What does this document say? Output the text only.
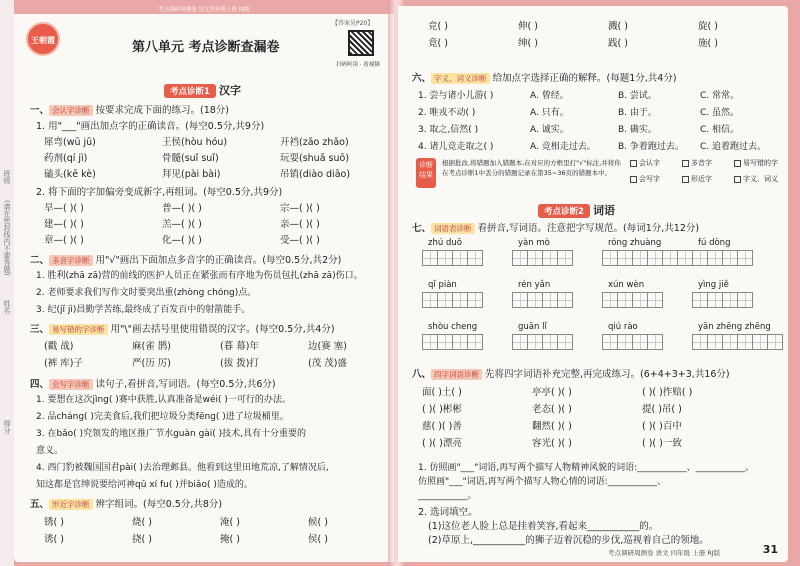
班级
(请在密封线内不要答题)
姓名
得分
考点调研周测卷 语文四年级上册 RJ版
王朝霞	第八单元 考点诊断查漏卷
【答案见P20】
扫码听读 · 看视频
考点诊断1 汉字
一、 会认字诊断 按要求完成下面的练习。(18分)
1. 用"___"画出加点字的正确读音。(每空0.5分,共9分)
犀弯(wū jū)	王侯(hòu hóu)	开裆(zǎo zhǎo)
药剂(qí jì)	骨髓(suǐ suǐ)	玩耍(shuǎ suō)
磕头(kē kè)	拜见(pài bài)	吊销(diào diāo)
2. 将下面的字加偏旁变成新字,再组词。(每空0.5分,共9分)
旱—( )( )	普—( )( )	宗—( )( )
建—( )( )	羔—( )( )	亲—( )( )
章—( )( )	化—( )( )	受—( )( )
二、 多音字诊断 用"√"画出下面加点多音字的正确读音。(每空0.5分,共2分)
1. 胜利(zhā zā)营的前线的医护人员正在紧张而有序地为伤员包扎(zhā zā)伤口。
2. 老师要求我们写作文时要突出重(zhòng chóng)点。
3. 纪(jǐ jì)昌勤学苦练,最终成了百发百中的射箭能手。
三、 易写错的字诊断 用"\"画去括号里使用错误的汉字。(每空0.5分,共4分)
(戳 战)	麻(雀 鹊)	(暮 幕)年	边(赛 塞)
(裤 库)子	严(历 厉)	(拔 拨)打	(茂 茂)盛
四、 会写字诊断 读句子,看拼音,写词语。(每空0.5分,共6分)
1. 要想在这次jìng( )赛中获胜,认真准备是wéi( )一可行的办法。
2. 品cháng( )完美食后,我们把垃圾分类fēng( )进了垃圾桶里。
3. 在bǎo( )究领发的地区推广节水guàn gài( )技术,具有十分重要的
意义。
4. 西门豹被魏国国君pài( )去治理邺县。他看到这里田地荒凉,了解情况后,
知这都是官绅说要给河神qǔ xí fu( )并biǎo( )造成的。
五、 形近字诊断 辨字组词。(每空0.5分,共8分)
锈( )	烧( )	淹( )	候( )
诱( )	挠( )	掩( )	侯( )
竞( )	伸( )	溅( )	旋( )
竟( )	绅( )	践( )	施( )
六、 字义、词义诊断 给加点字选择正确的解释。(每题1分,共4分)
1. 尝与诸小儿游( )	A. 曾经。	B. 尝试。	C. 常常。
2. 唯戎不动( )	A. 只有。	B. 由于。	C. 虽然。
3. 取之,信然( )	A. 诚实。	B. 确实。	C. 相信。
4. 诸儿竞走取之( )	A. 竞相走过去。 B. 争着跑过去。 C. 追着跑过去。
诊断结果
根据批改,将错题加入错题本,在对应的方框里打"√"标注,并将你在考点诊断1中丢分的错题记录在第35~36页的错题本中。
会认字	多音字	易写错的字
会写字	形近字	字义、词义
考点诊断2 词语
七、 词语表诊断 看拼音,写词语。注意把字写规范。(每词1分,共12分)
zhú duǒ	yàn mò	róng zhuàng	fú dòng
qǐ piàn	rén yǎn	xún wèn	yìng jiě
shòu cheng	guān lǐ	qiú rào	yān zhēng zhēng
八、 四字词语诊断 先将四字词语补充完整,再完成练习。(6+4+3+3,共16分)
面( )土( )	亭亭( )( )	( )( )拃赔( )
( )( )彬彬	老态( )( )	提( )吊( )
慈( )( )善	翻然( )( )	( )( )百中
( )( )漂亮	容光( )( )	( )( )一致
1. 仿照画"___"词语,再写两个描写人物精神风貌的词语:___________、___________。
仿照画"___"词语,再写两个描写人物心情的词语:___________、
___________。
2. 选词填空。
(1)这位老人脸上总是挂着笑容,看起来___________的。
(2)草原上,___________的狮子迈着沉稳的步伐,巡视着自己的领地。
考点调研周测卷 语文 四年级 上册 RJ版	31
